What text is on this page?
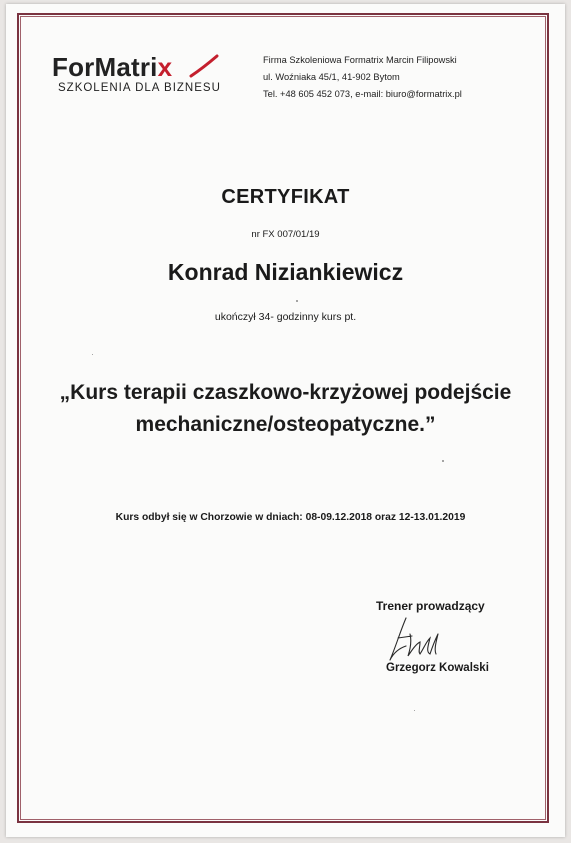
ForMatrix
SZKOLENIA DLA BIZNESU
Firma Szkoleniowa Formatrix Marcin Filipowski
ul. Woźniaka 45/1, 41-902 Bytom
Tel. +48 605 452 073, e-mail: biuro@formatrix.pl
CERTYFIKAT
nr FX 007/01/19
Konrad Niziankiewicz
ukończył 34- godzinny kurs pt.
„Kurs terapii czaszkowo-krzyżowej podejście
mechaniczne/osteopatyczne.”
Kurs odbył się w Chorzowie w dniach: 08-09.12.2018 oraz 12-13.01.2019
Trener prowadzący
Grzegorz Kowalski
